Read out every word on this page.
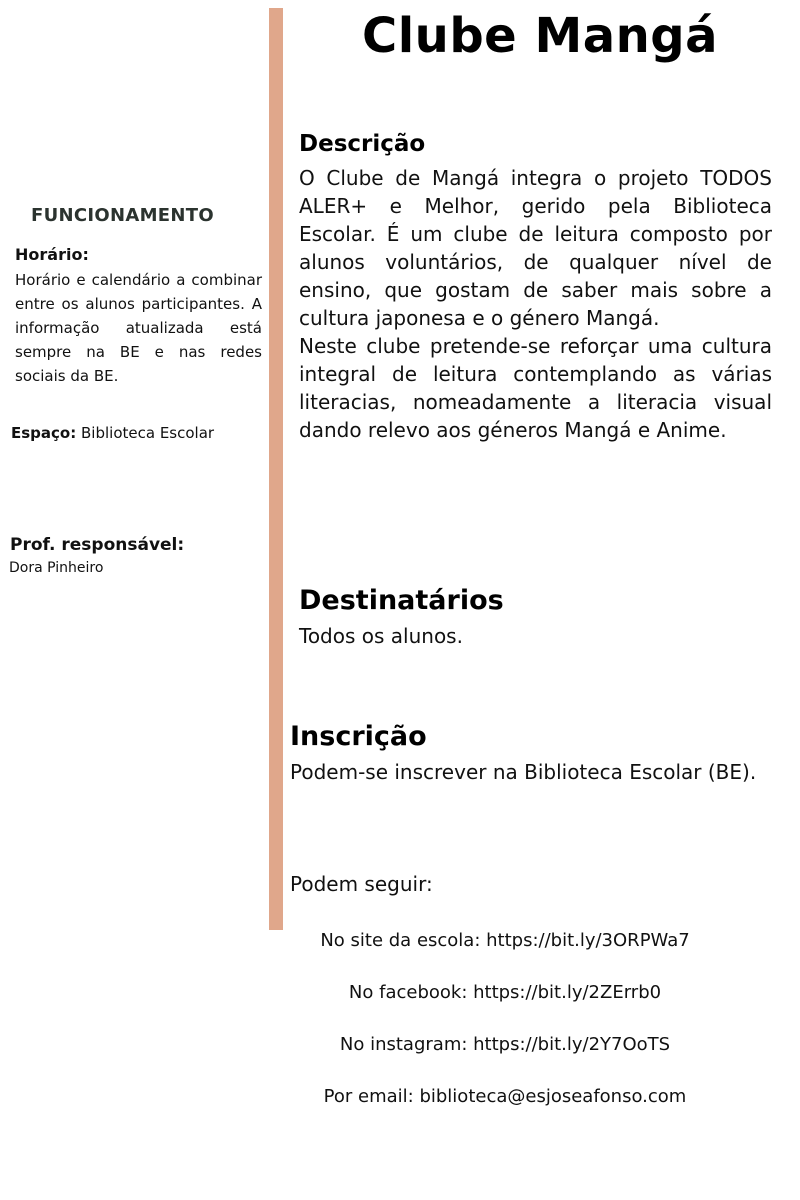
Clube Mangá
FUNCIONAMENTO
Horário:
Horário e calendário a combinar entre os alunos participantes. A informação atualizada está sempre na BE e nas redes sociais da BE.
Espaço: Biblioteca Escolar
Prof. responsável:
Dora Pinheiro
Descrição

O Clube de Mangá integra o projeto TODOS ALER+ e Melhor, gerido pela Biblioteca Escolar. É um clube de leitura composto por alunos voluntários, de qualquer nível de ensino, que gostam de saber mais sobre a cultura japonesa e o género Mangá.

Neste clube pretende-se reforçar uma cultura integral de leitura contemplando as várias literacias, nomeadamente a literacia visual dando relevo aos géneros Mangá e Anime.

Destinatários
Todos os alunos.
Inscrição
Podem-se inscrever na Biblioteca Escolar (BE).
Podem seguir:
No site da escola: https://bit.ly/3ORPWa7
No facebook: https://bit.ly/2ZErrb0
No instagram: https://bit.ly/2Y7OoTS
Por email: biblioteca@esjoseafonso.com
